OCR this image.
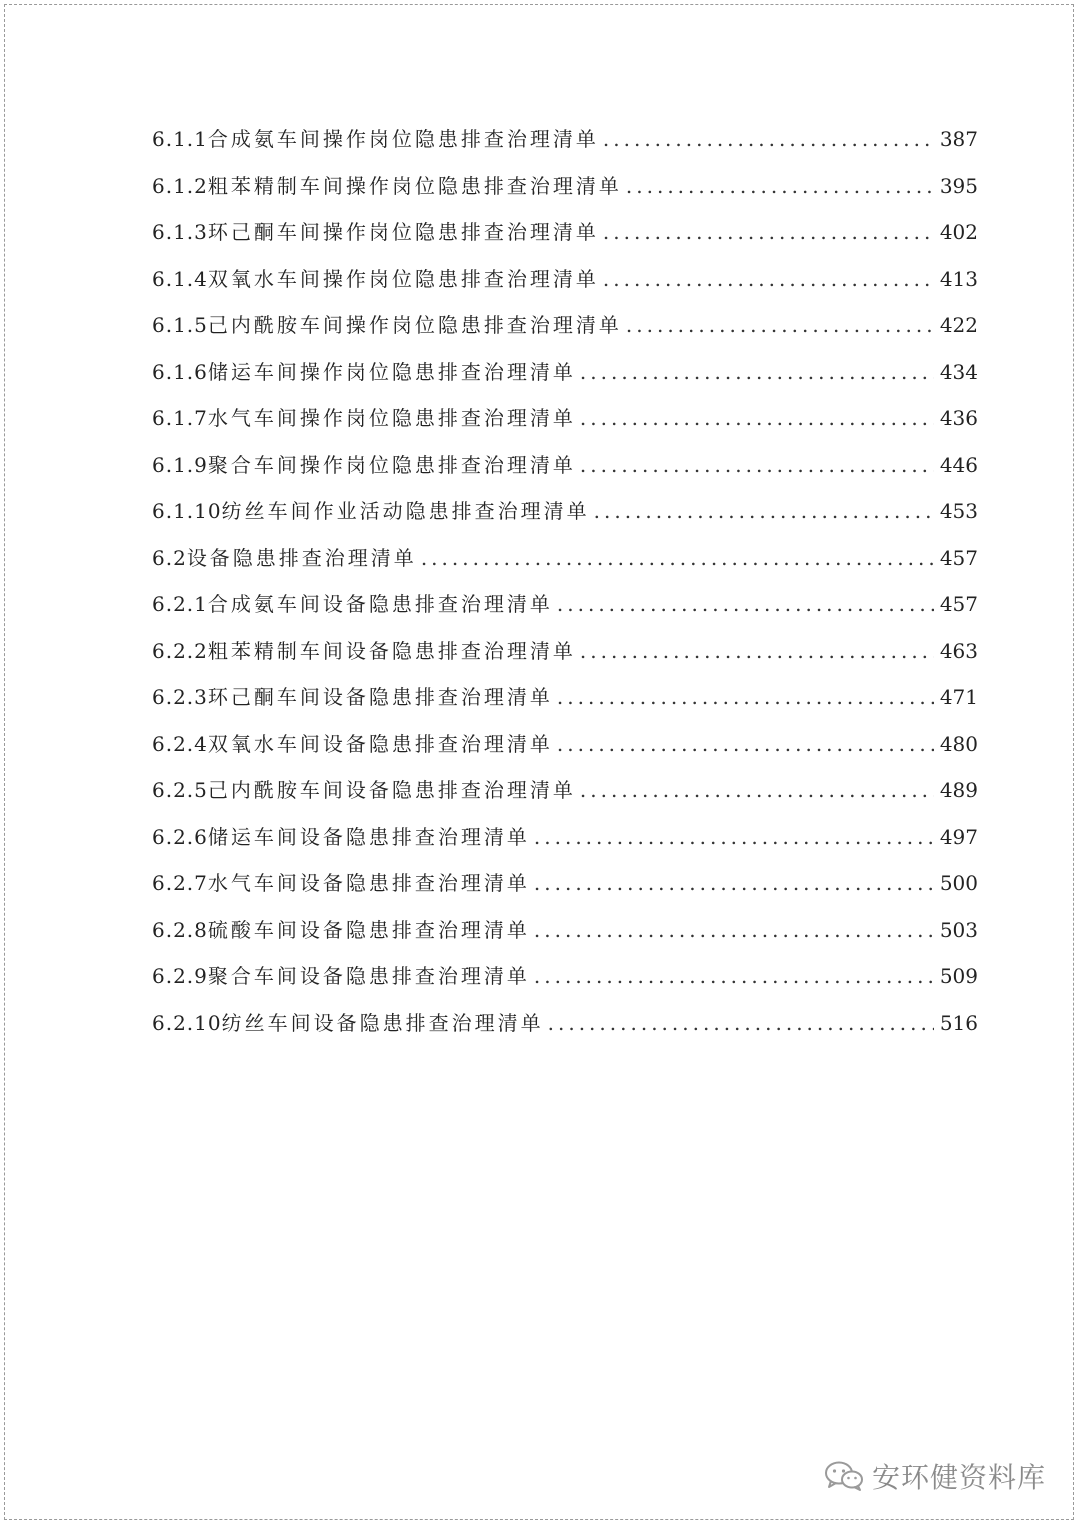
6.1.1 合成氨车间操作岗位隐患排查治理清单 .....	387
6.1.2 粗苯精制车间操作岗位隐患排查治理清单 .....	395
6.1.3 环己酮车间操作岗位隐患排查治理清单 .....	402
6.1.4 双氧水车间操作岗位隐患排查治理清单 .....	413
6.1.5 己内酰胺车间操作岗位隐患排查治理清单 .....	422
6.1.6 储运车间操作岗位隐患排查治理清单 .....	434
6.1.7 水气车间操作岗位隐患排查治理清单 .....	436
6.1.9 聚合车间操作岗位隐患排查治理清单 .....	446
6.1.10 纺丝车间作业活动隐患排查治理清单 .....	453
6.2 设备隐患排查治理清单 .....	457
6.2.1 合成氨车间设备隐患排查治理清单 .....	457
6.2.2 粗苯精制车间设备隐患排查治理清单 .....	463
6.2.3 环己酮车间设备隐患排查治理清单 .....	471
6.2.4 双氧水车间设备隐患排查治理清单 .....	480
6.2.5 己内酰胺车间设备隐患排查治理清单 .....	489
6.2.6 储运车间设备隐患排查治理清单 .....	497
6.2.7 水气车间设备隐患排查治理清单 .....	500
6.2.8 硫酸车间设备隐患排查治理清单 .....	503
6.2.9 聚合车间设备隐患排查治理清单 .....	509
6.2.10 纺丝车间设备隐患排查治理清单 .....	516
安环健资料库
